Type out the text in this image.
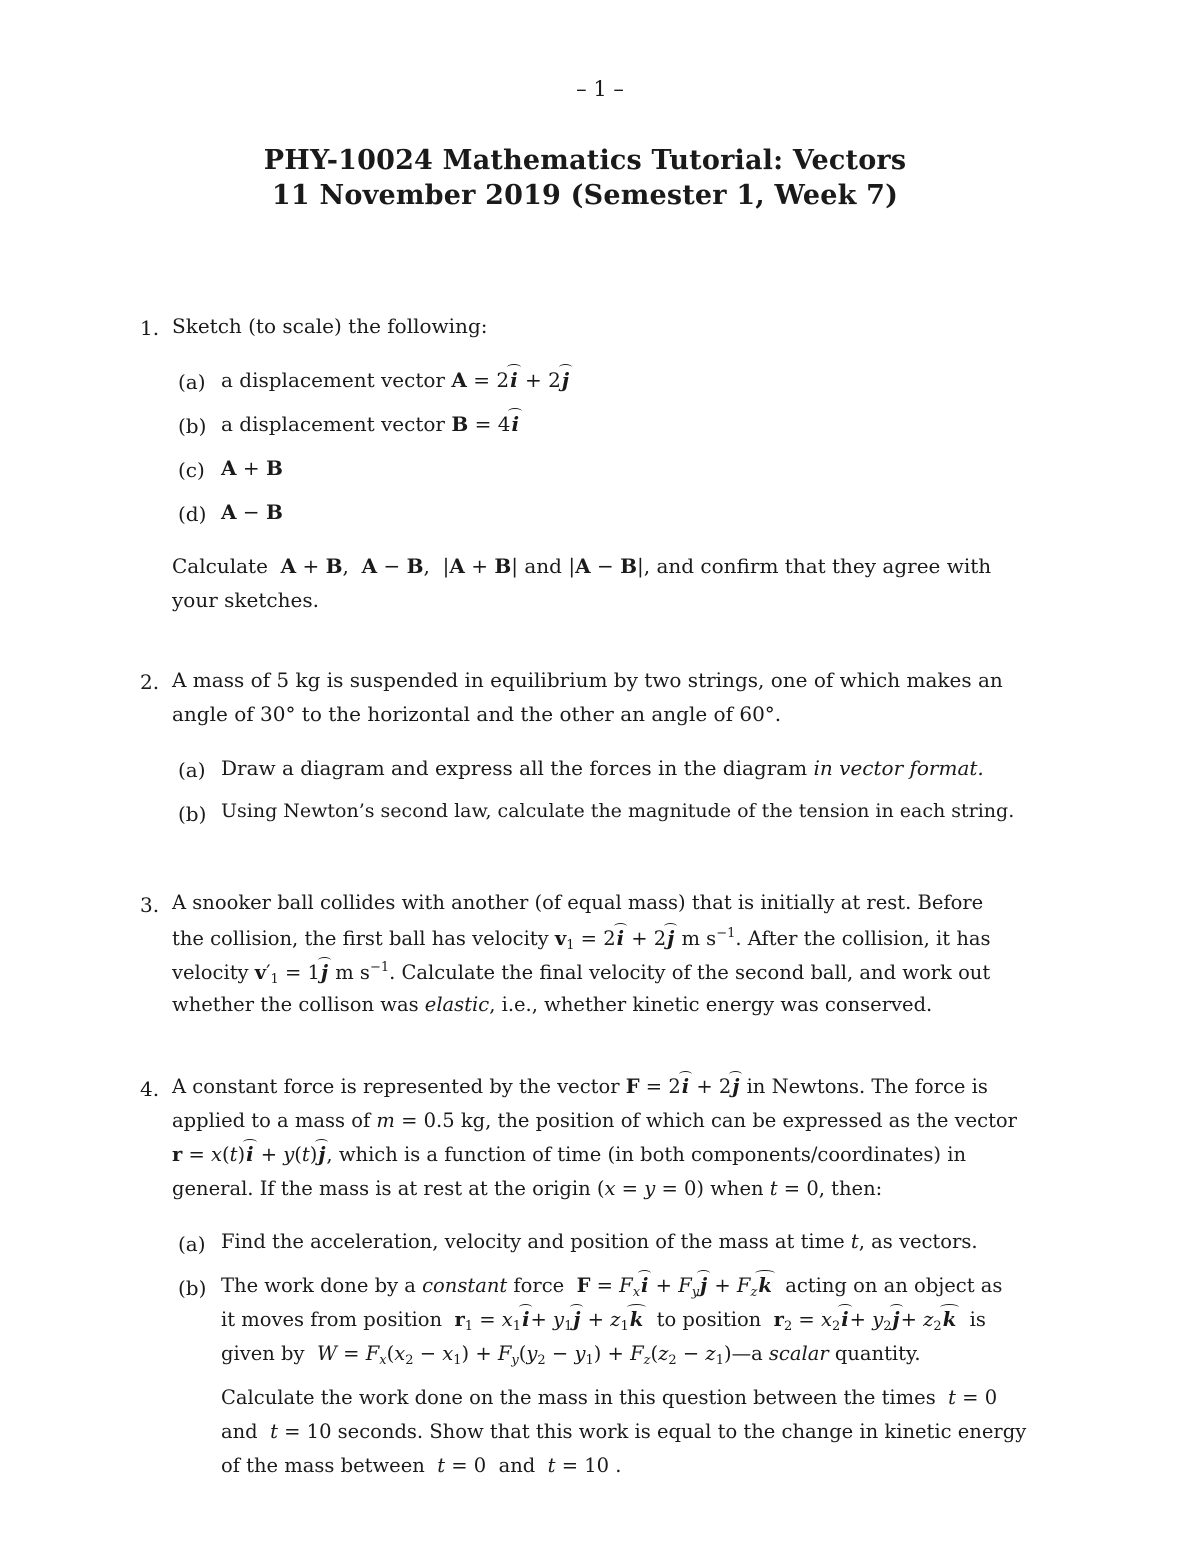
– 1 –
PHY-10024 Mathematics Tutorial: Vectors
11 November 2019 (Semester 1, Week 7)
1. Sketch (to scale) the following:
(a) a displacement vector A = 2i + 2j
(b) a displacement vector B = 4i
(c) A + B
(d) A − B
Calculate  A + B,  A − B,  |A + B| and |A − B|, and confirm that they agree with
your sketches.
2. A mass of 5 kg is suspended in equilibrium by two strings, one of which makes an
angle of 30° to the horizontal and the other an angle of 60°.
(a) Draw a diagram and express all the forces in the diagram in vector format.
(b) Using Newton’s second law, calculate the magnitude of the tension in each string.
3. A snooker ball collides with another (of equal mass) that is initially at rest. Before
the collision, the first ball has velocity $v_1 = 2i + 2j$ m $s^{-1}$. After the collision, it has
velocity $v'_1 = 1j$ m $s^{-1}$. Calculate the final velocity of the second ball, and work out
whether the collison was elastic, i.e., whether kinetic energy was conserved.
4. A constant force is represented by the vector F = 2i + 2j in Newtons. The force is
applied to a mass of m = 0.5 kg, the position of which can be expressed as the vector
r = x(t)i + y(t)j, which is a function of time (in both components/coordinates) in
general. If the mass is at rest at the origin (x = y = 0) when t = 0, then:
(a) Find the acceleration, velocity and position of the mass at time t, as vectors.
(b) The work done by a constant force  $F = F_xi + F_yj + F_zk$  acting on an object as
it moves from position  $r_1 = x_1i+ y_1j + z_1k$  to position  $r_2 = x_2i+ y_2j+ z_2k$  is
given by  $W = F_x(x_2 - x_1) + F_y(y_2 - y_1) + F_z(z_2$ − $z_1)—a$ scalar quantity.
Calculate the work done on the mass in this question between the times t = 0
and  t = 10 seconds. Show that this work is equal to the change in kinetic energy
of the mass between  t = 0  and  t = 10 .
